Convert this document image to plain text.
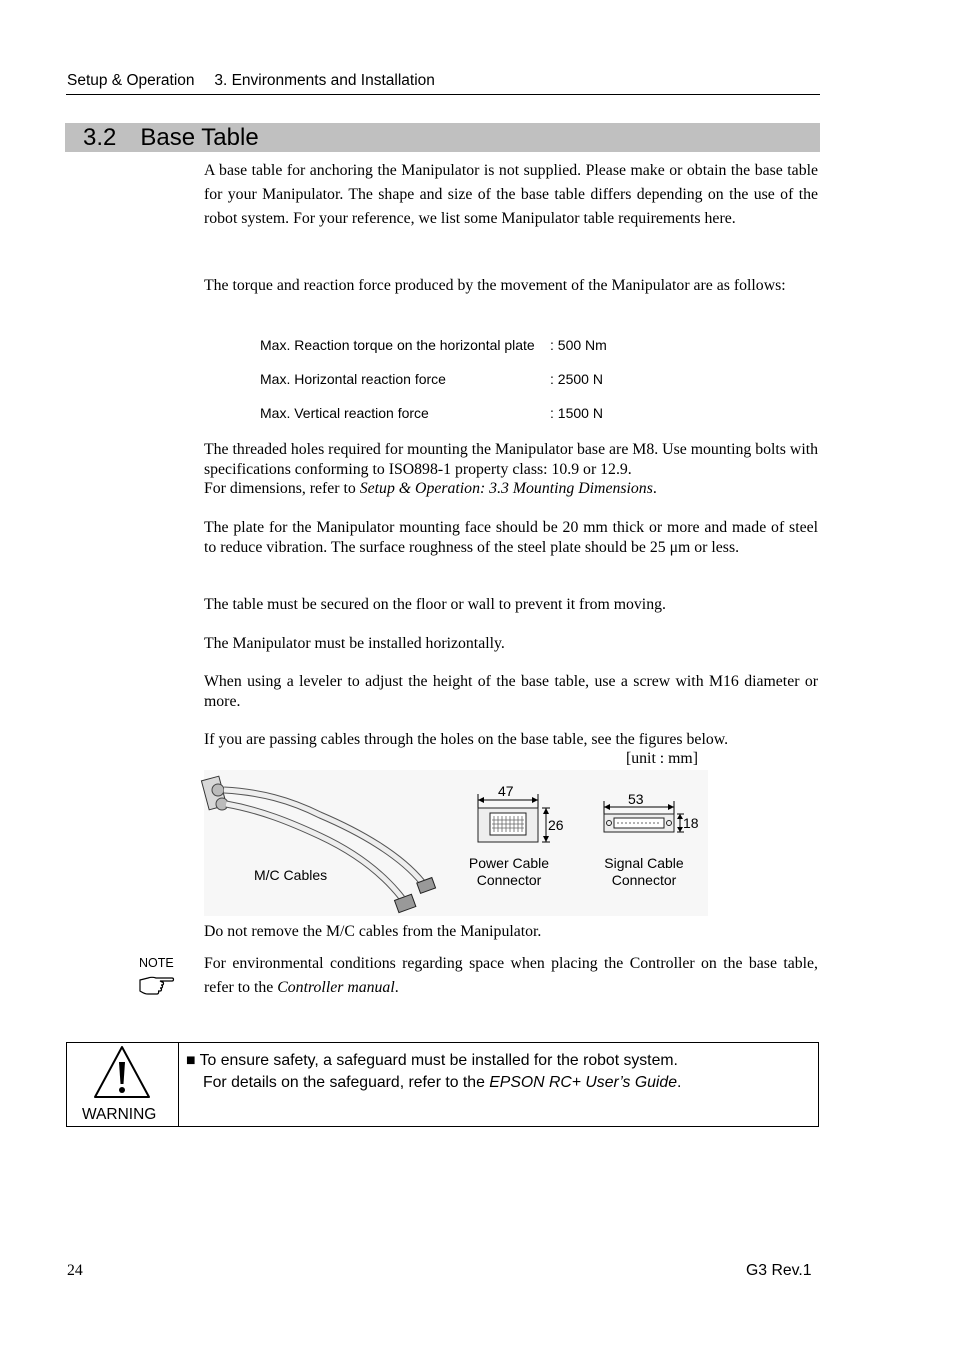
Setup & Operation  3. Environments and Installation
3.2 Base Table
A base table for anchoring the Manipulator is not supplied. Please make or obtain the base table for your Manipulator. The shape and size of the base table differs depending on the use of the robot system. For your reference, we list some Manipulator table requirements here.
The torque and reaction force produced by the movement of the Manipulator are as follows:
Max. Reaction torque on the horizontal plate : 500 Nm
Max. Horizontal reaction force	: 2500 N
Max. Vertical reaction force	: 1500 N
The threaded holes required for mounting the Manipulator base are M8. Use mounting bolts with specifications conforming to ISO898-1 property class: 10.9 or 12.9.
For dimensions, refer to Setup & Operation: 3.3 Mounting Dimensions.
The plate for the Manipulator mounting face should be 20 mm thick or more and made of steel to reduce vibration. The surface roughness of the steel plate should be 25 μm or less.
The table must be secured on the floor or wall to prevent it from moving.
The Manipulator must be installed horizontally.
When using a leveler to adjust the height of the base table, use a screw with M16 diameter or more.
If you are passing cables through the holes on the base table, see the figures below.
[unit : mm]
M/C Cables
47
26
Power Cable
Connector
53
18
Signal Cable
Connector
Do not remove the M/C cables from the Manipulator.
NOTE For environmental conditions regarding space when placing the Controller on the base table, refer to the Controller manual.
WARNING
■ To ensure safety, a safeguard must be installed for the robot system.
For details on the safeguard, refer to the EPSON RC+ User’s Guide.
24	G3 Rev.1
